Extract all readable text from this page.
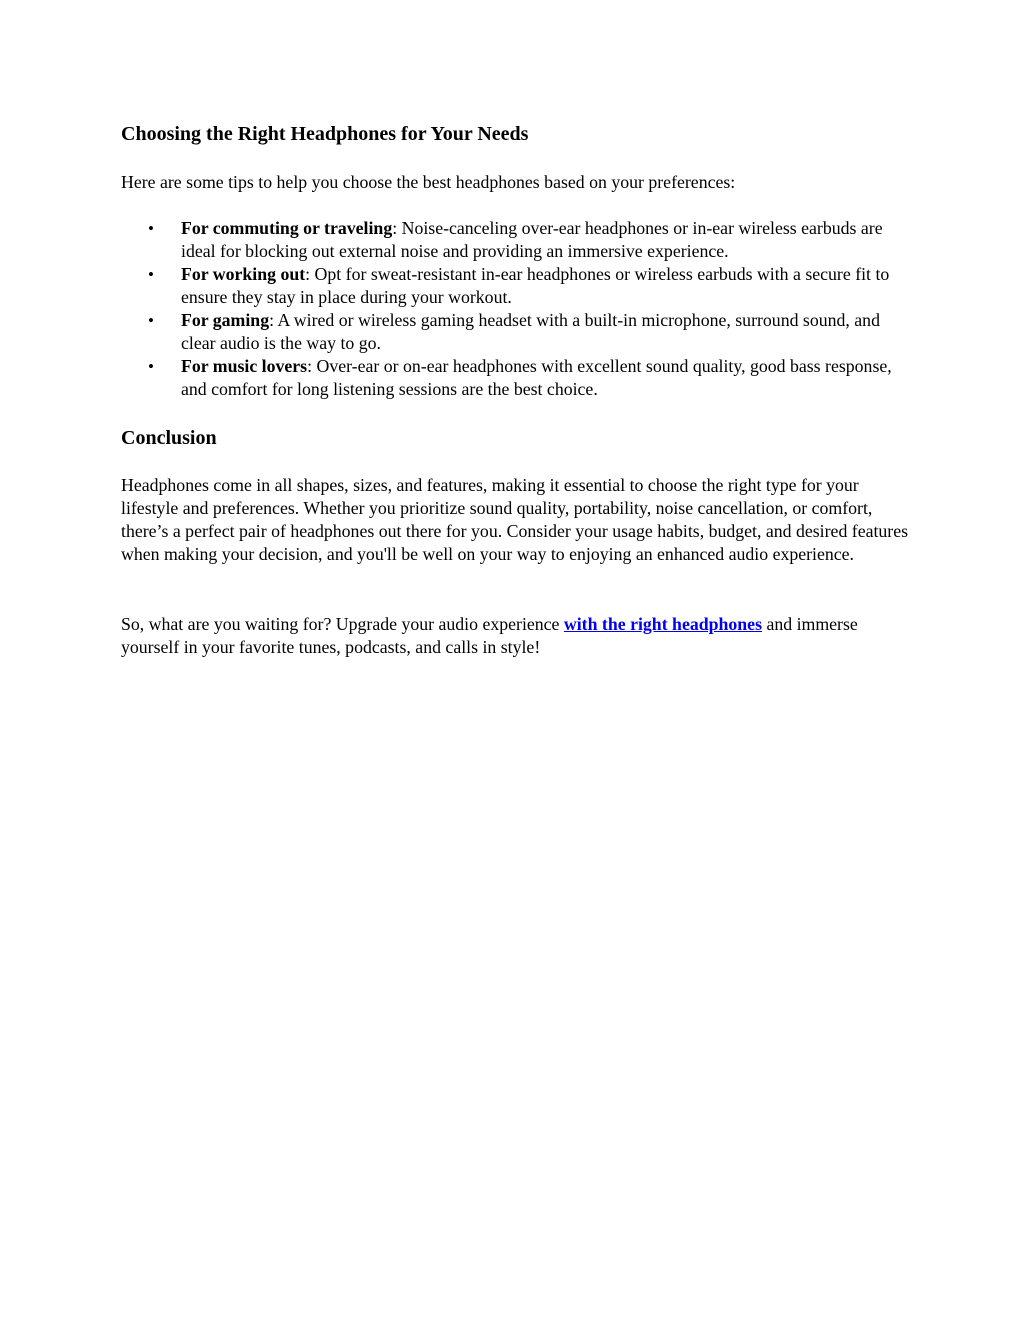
Choosing the Right Headphones for Your Needs

Here are some tips to help you choose the best headphones based on your preferences:

• For commuting or traveling: Noise-canceling over-ear headphones or in-ear wireless earbuds are ideal for blocking out external noise and providing an immersive experience.
• For working out: Opt for sweat-resistant in-ear headphones or wireless earbuds with a secure fit to ensure they stay in place during your workout.
• For gaming: A wired or wireless gaming headset with a built-in microphone, surround sound, and clear audio is the way to go.
• For music lovers: Over-ear or on-ear headphones with excellent sound quality, good bass response, and comfort for long listening sessions are the best choice.
Conclusion

Headphones come in all shapes, sizes, and features, making it essential to choose the right type for your lifestyle and preferences. Whether you prioritize sound quality, portability, noise cancellation, or comfort, there’s a perfect pair of headphones out there for you. Consider your usage habits, budget, and desired features when making your decision, and you'll be well on your way to enjoying an enhanced audio experience.

So, what are you waiting for? Upgrade your audio experience with the right headphones and immerse yourself in your favorite tunes, podcasts, and calls in style!
